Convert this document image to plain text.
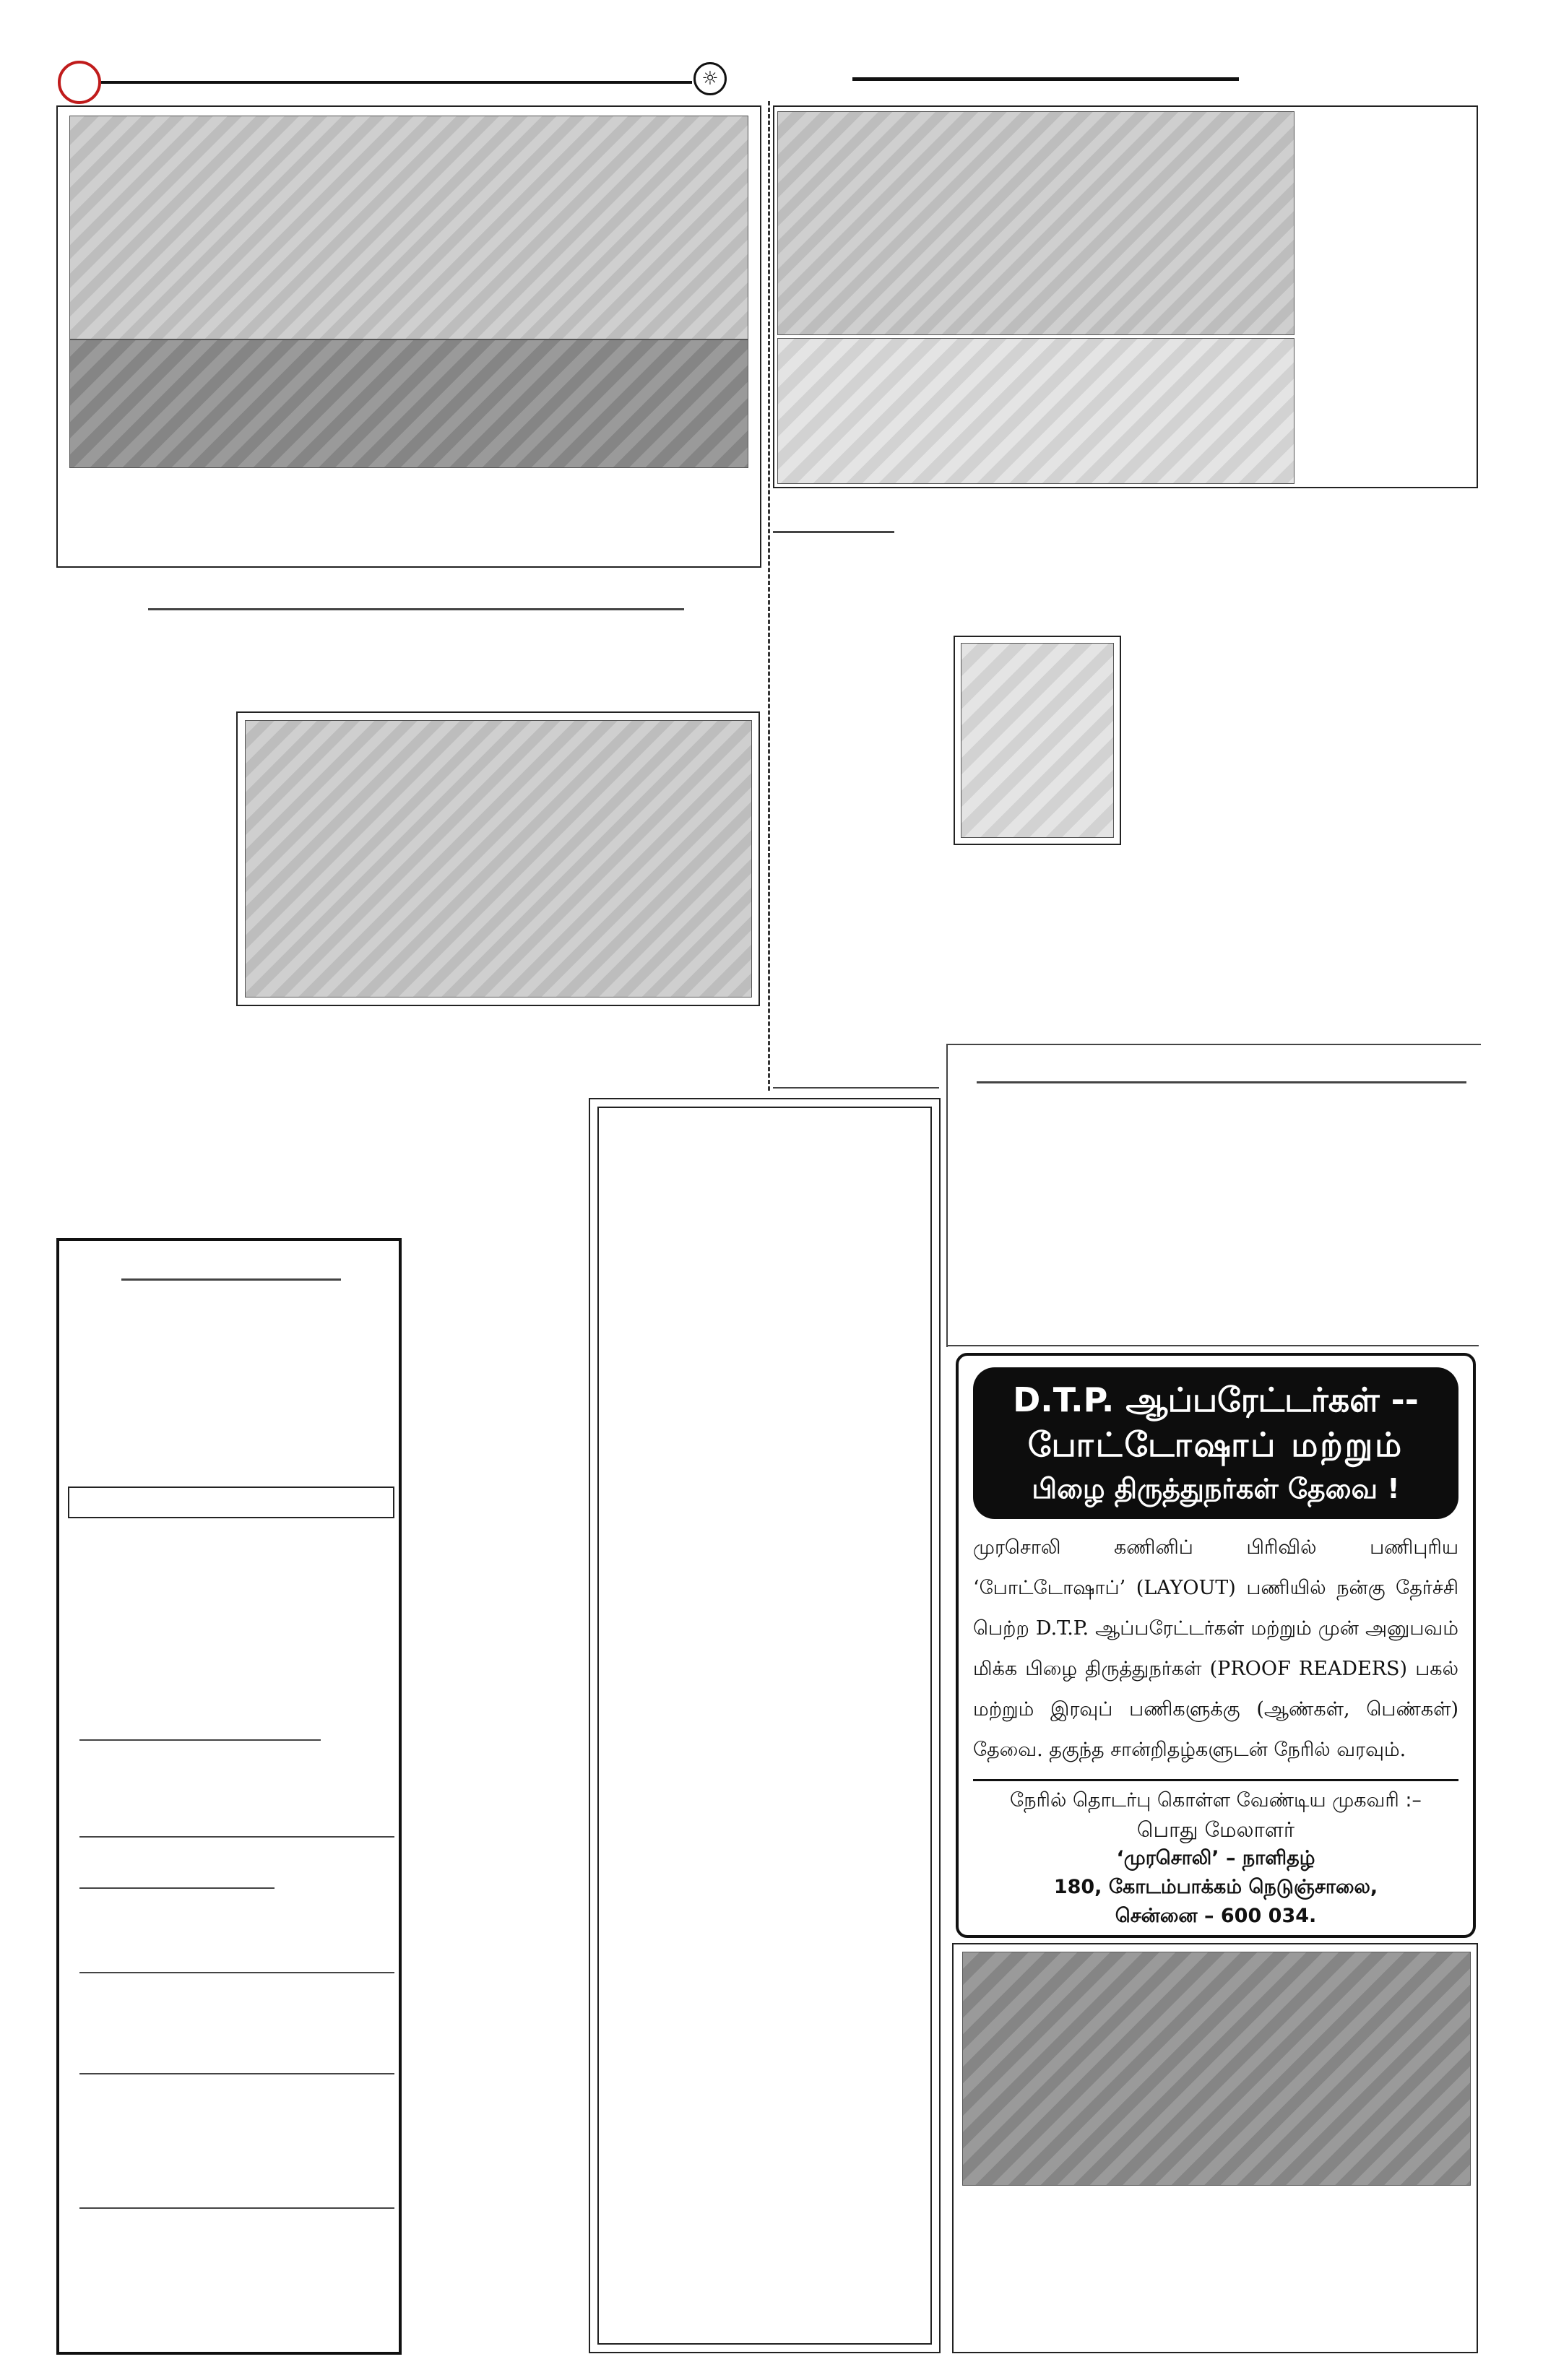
☼
D.T.P. ஆப்பரேட்டர்கள் --
போட்டோஷாப் மற்றும்
பிழை திருத்துநர்கள் தேவை !
முரசொலி கணினிப் பிரிவில் பணிபுரிய ‘போட்டோஷாப்’ (LAYOUT) பணியில் நன்கு தேர்ச்சி பெற்ற D.T.P. ஆப்பரேட்டர்கள் மற்றும் முன் அனுபவம் மிக்க பிழை திருத்துநர்கள் (PROOF READERS) பகல் மற்றும் இரவுப் பணிகளுக்கு (ஆண்கள், பெண்கள்) தேவை. தகுந்த சான்றிதழ்களுடன் நேரில் வரவும்.
நேரில் தொடர்பு கொள்ள வேண்டிய முகவரி :–
பொது மேலாளர்
‘முரசொலி’ – நாளிதழ்
180, கோடம்பாக்கம் நெடுஞ்சாலை,
சென்னை – 600 034.
